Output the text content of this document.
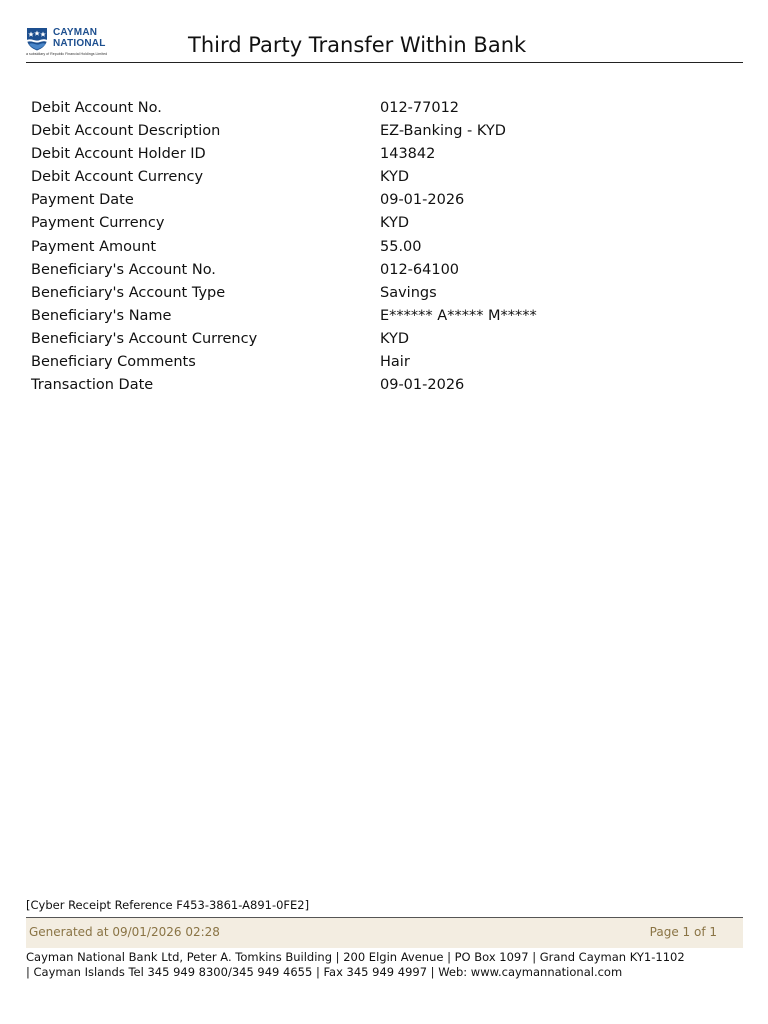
CAYMAN
NATIONAL
a subsidiary of Republic Financial Holdings Limited	Third Party Transfer Within Bank
Debit Account No.	012-77012
Debit Account Description	EZ-Banking - KYD
Debit Account Holder ID	143842
Debit Account Currency	KYD
Payment Date	09-01-2026
Payment Currency	KYD
Payment Amount	55.00
Beneficiary's Account No.	012-64100
Beneficiary's Account Type	Savings
Beneficiary's Name	E****** A***** M*****
Beneficiary's Account Currency	KYD
Beneficiary Comments	Hair
Transaction Date	09-01-2026
[Cyber Receipt Reference F453-3861-A891-0FE2]
Generated at 09/01/2026 02:28	Page 1 of 1
Cayman National Bank Ltd, Peter A. Tomkins Building | 200 Elgin Avenue | PO Box 1097 | Grand Cayman KY1-1102
| Cayman Islands Tel 345 949 8300/345 949 4655 | Fax 345 949 4997 | Web: www.caymannational.com
